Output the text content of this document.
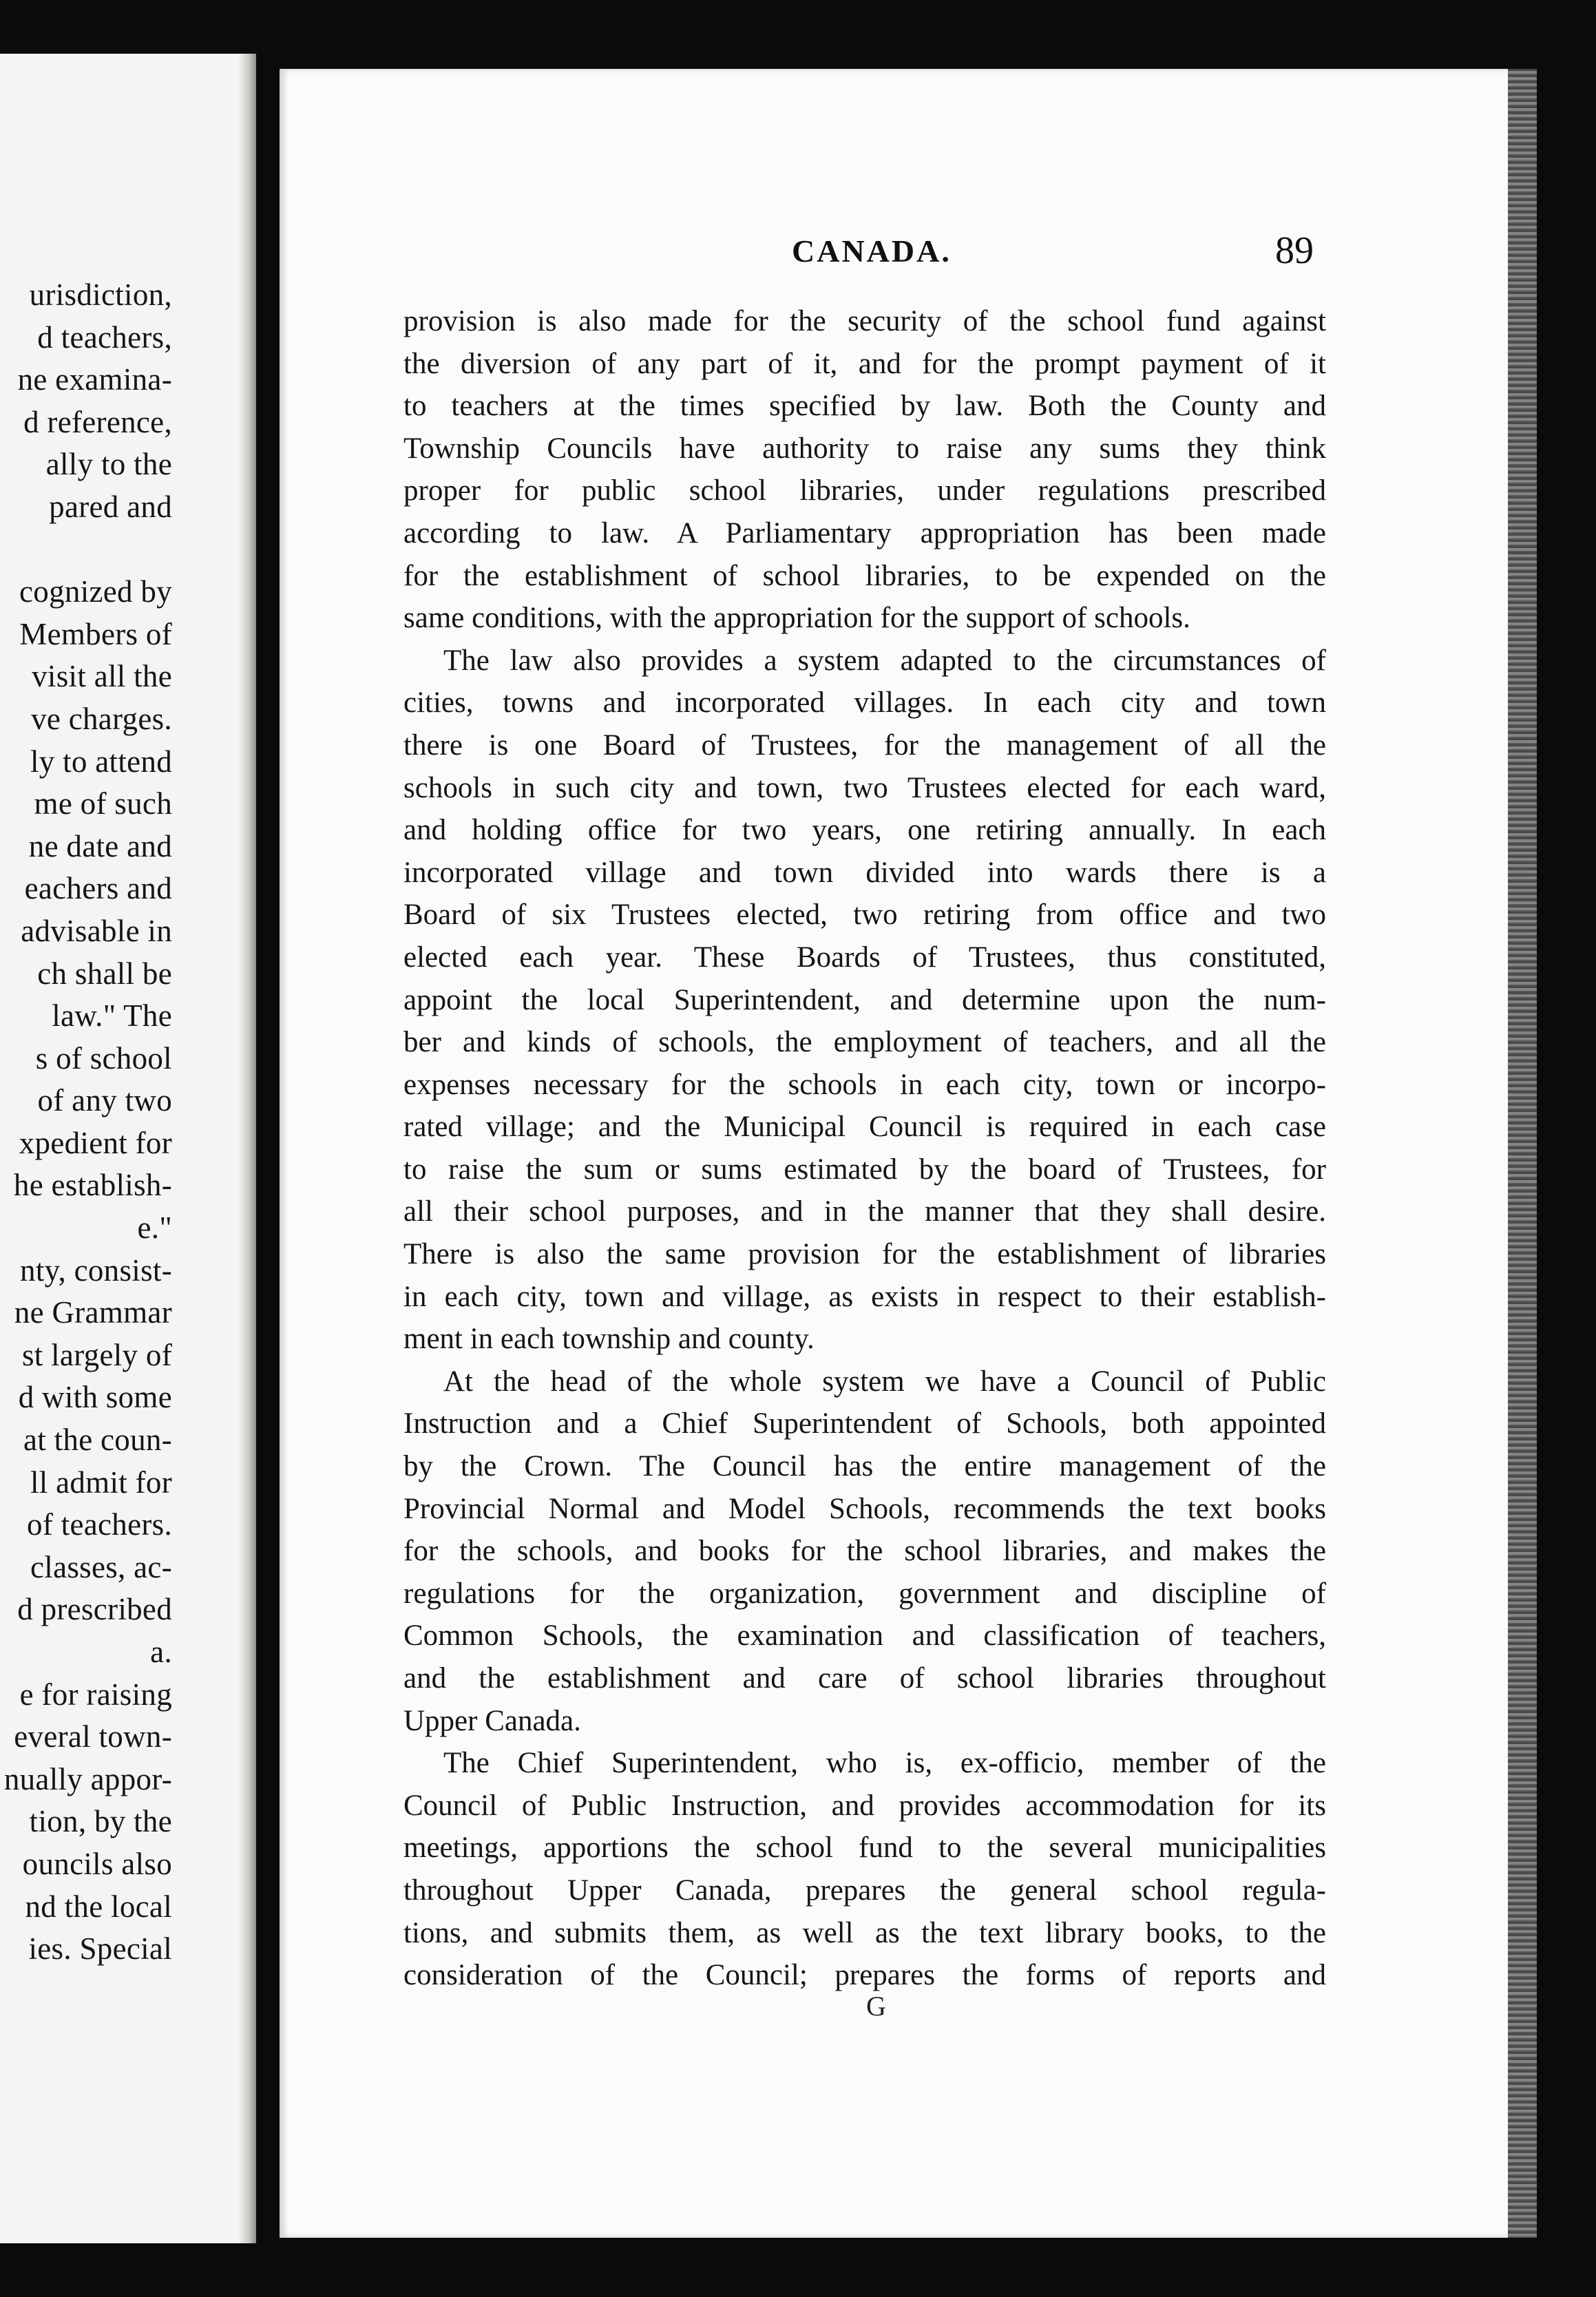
urisdiction,
d teachers,
ne examina-
d reference,
ally to the
pared and
cognized by
Members of
visit all the
ve charges.
ly to attend
me of such
ne date and
eachers and
advisable in
ch shall be
law." The
s of school
of any two
xpedient for
he establish-
e."
nty, consist-
ne Grammar
st largely of
d with some
at the coun-
ll admit for
of teachers.
classes, ac-
d prescribed
a.
e for raising
everal town-
nually appor-
tion, by the
ouncils also
nd the local
ies. Special
CANADA.	89
provision is also made for the security of the school fund against
the diversion of any part of it, and for the prompt payment of it
to teachers at the times specified by law. Both the County and
Township Councils have authority to raise any sums they think
proper for public school libraries, under regulations prescribed
according to law. A Parliamentary appropriation has been made
for the establishment of school libraries, to be expended on the
same conditions, with the appropriation for the support of schools.
The law also provides a system adapted to the circumstances of
cities, towns and incorporated villages. In each city and town
there is one Board of Trustees, for the management of all the
schools in such city and town, two Trustees elected for each ward,
and holding office for two years, one retiring annually. In each
incorporated village and town divided into wards there is a
Board of six Trustees elected, two retiring from office and two
elected each year. These Boards of Trustees, thus constituted,
appoint the local Superintendent, and determine upon the num-
ber and kinds of schools, the employment of teachers, and all the
expenses necessary for the schools in each city, town or incorpo-
rated village; and the Municipal Council is required in each case
to raise the sum or sums estimated by the board of Trustees, for
all their school purposes, and in the manner that they shall desire.
There is also the same provision for the establishment of libraries
in each city, town and village, as exists in respect to their establish-
ment in each township and county.
At the head of the whole system we have a Council of Public
Instruction and a Chief Superintendent of Schools, both appointed
by the Crown. The Council has the entire management of the
Provincial Normal and Model Schools, recommends the text books
for the schools, and books for the school libraries, and makes the
regulations for the organization, government and discipline of
Common Schools, the examination and classification of teachers,
and the establishment and care of school libraries throughout
Upper Canada.
The Chief Superintendent, who is, ex-officio, member of the
Council of Public Instruction, and provides accommodation for its
meetings, apportions the school fund to the several municipalities
throughout Upper Canada, prepares the general school regula-
tions, and submits them, as well as the text library books, to the
consideration of the Council; prepares the forms of reports and
G
